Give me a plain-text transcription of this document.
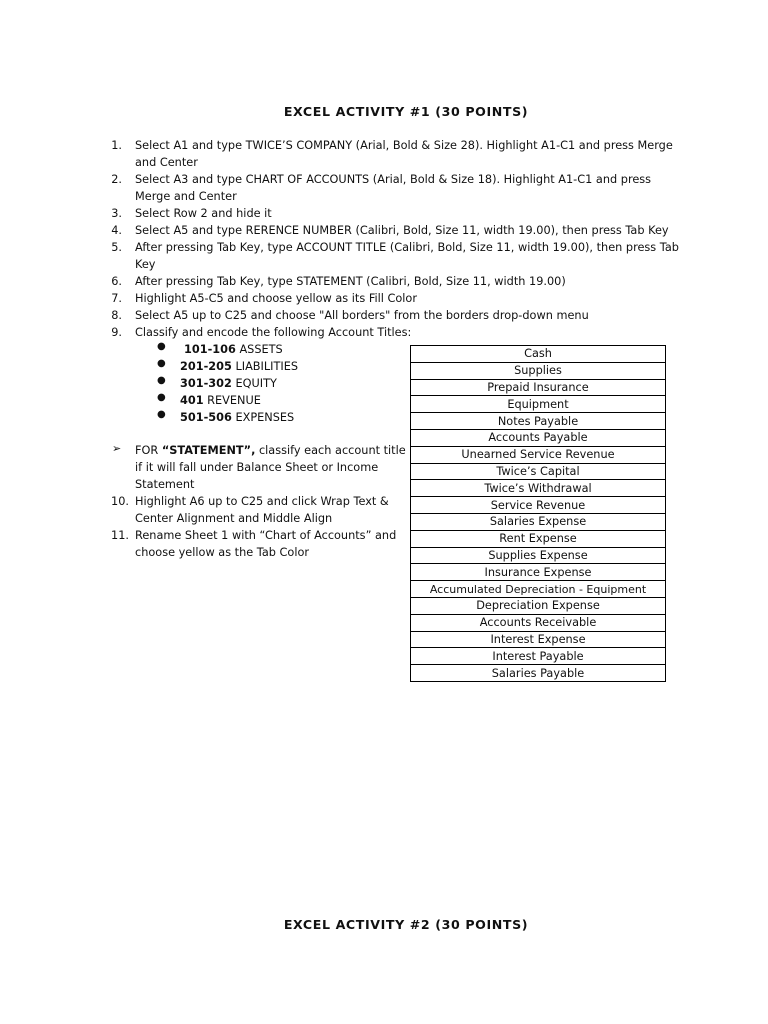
EXCEL ACTIVITY #1 (30 POINTS)
1. Select A1 and type TWICE’S COMPANY (Arial, Bold & Size 28). Highlight A1-C1 and press Merge
and Center
2. Select A3 and type CHART OF ACCOUNTS (Arial, Bold & Size 18). Highlight A1-C1 and press
Merge and Center
3. Select Row 2 and hide it
4. Select A5 and type RERENCE NUMBER (Calibri, Bold, Size 11, width 19.00), then press Tab Key
5. After pressing Tab Key, type ACCOUNT TITLE (Calibri, Bold, Size 11, width 19.00), then press Tab
Key
6. After pressing Tab Key, type STATEMENT (Calibri, Bold, Size 11, width 19.00)
7. Highlight A5-C5 and choose yellow as its Fill Color
8. Select A5 up to C25 and choose "All borders" from the borders drop-down menu
9. Classify and encode the following Account Titles:
● 101-106 ASSETS
● 201-205 LIABILITIES
● 301-302 EQUITY
● 401 REVENUE
● 501-506 EXPENSES
➢ FOR “STATEMENT”, classify each account title
if it will fall under Balance Sheet or Income
Statement
10. Highlight A6 up to C25 and click Wrap Text &
Center Alignment and Middle Align
11. Rename Sheet 1 with “Chart of Accounts” and
choose yellow as the Tab Color
Cash
Supplies
Prepaid Insurance
Equipment
Notes Payable
Accounts Payable
Unearned Service Revenue
Twice’s Capital
Twice’s Withdrawal
Service Revenue
Salaries Expense
Rent Expense
Supplies Expense
Insurance Expense
Accumulated Depreciation - Equipment
Depreciation Expense
Accounts Receivable
Interest Expense
Interest Payable
Salaries Payable
EXCEL ACTIVITY #2 (30 POINTS)
